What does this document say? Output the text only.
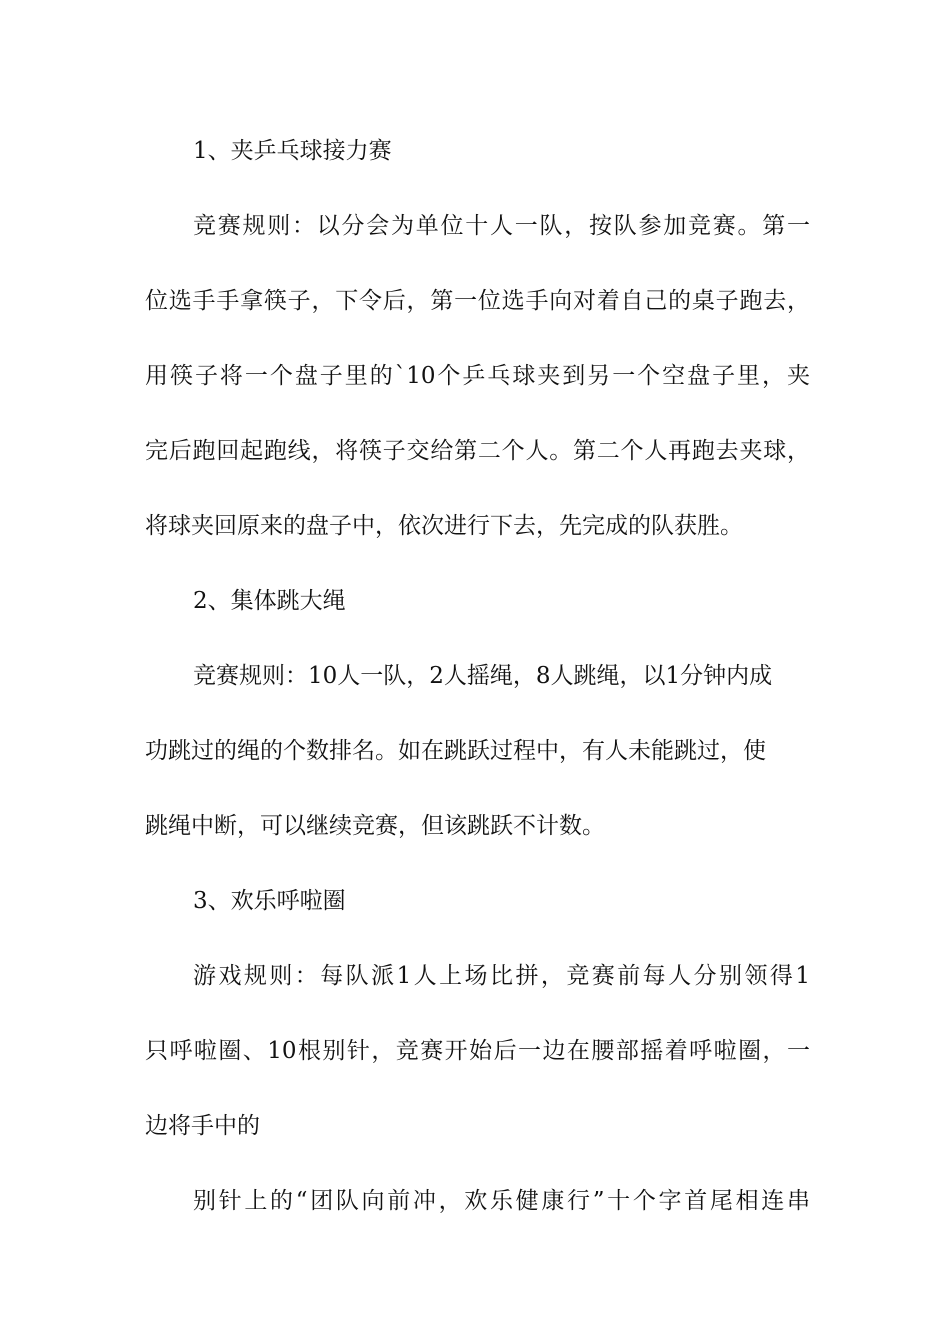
1、夹乒乓球接力赛
竞赛规则：以分会为单位十人一队，按队参加竞赛。第一
位选手手拿筷子，下令后，第一位选手向对着自己的桌子跑去，
用筷子将一个盘子里的`10个乒乓球夹到另一个空盘子里，夹
完后跑回起跑线，将筷子交给第二个人。第二个人再跑去夹球，
将球夹回原来的盘子中，依次进行下去，先完成的队获胜。
2、集体跳大绳
竞赛规则：10人一队，2人摇绳，8人跳绳，以1分钟内成
功跳过的绳的个数排名。如在跳跃过程中，有人未能跳过，使
跳绳中断，可以继续竞赛，但该跳跃不计数。
3、欢乐呼啦圈
游戏规则：每队派1人上场比拼，竞赛前每人分别领得1
只呼啦圈、10根别针，竞赛开始后一边在腰部摇着呼啦圈，一
边将手中的
别针上的“团队向前冲，欢乐健康行”十个字首尾相连串
